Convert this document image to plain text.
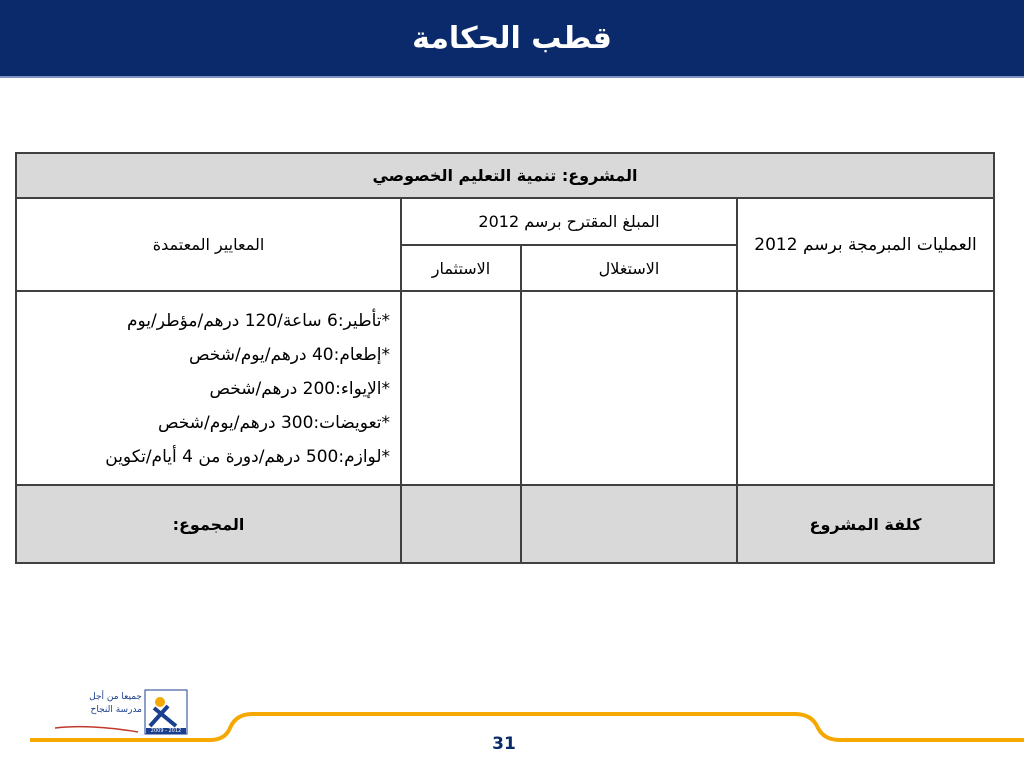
قطب الحكامة
المشروع: تنمية التعليم الخصوصي			
العمليات المبرمجة برسم 2012	المبلغ المقترح برسم 2012		المعايير المعتمدة
	الاستغلال	الاستثمار	

			*تأطير:6 ساعة/120 درهم/مؤطر/يوم
*إطعام:40 درهم/يوم/شخص
*الإيواء:200 درهم/شخص
*تعويضات:300 درهم/يوم/شخص
*لوازم:500 درهم/دورة من 4 أيام/تكوين

كلفة المشروع			المجموع:
جميعا من أجل
مدرسة النجاح
2009 - 2012
31
